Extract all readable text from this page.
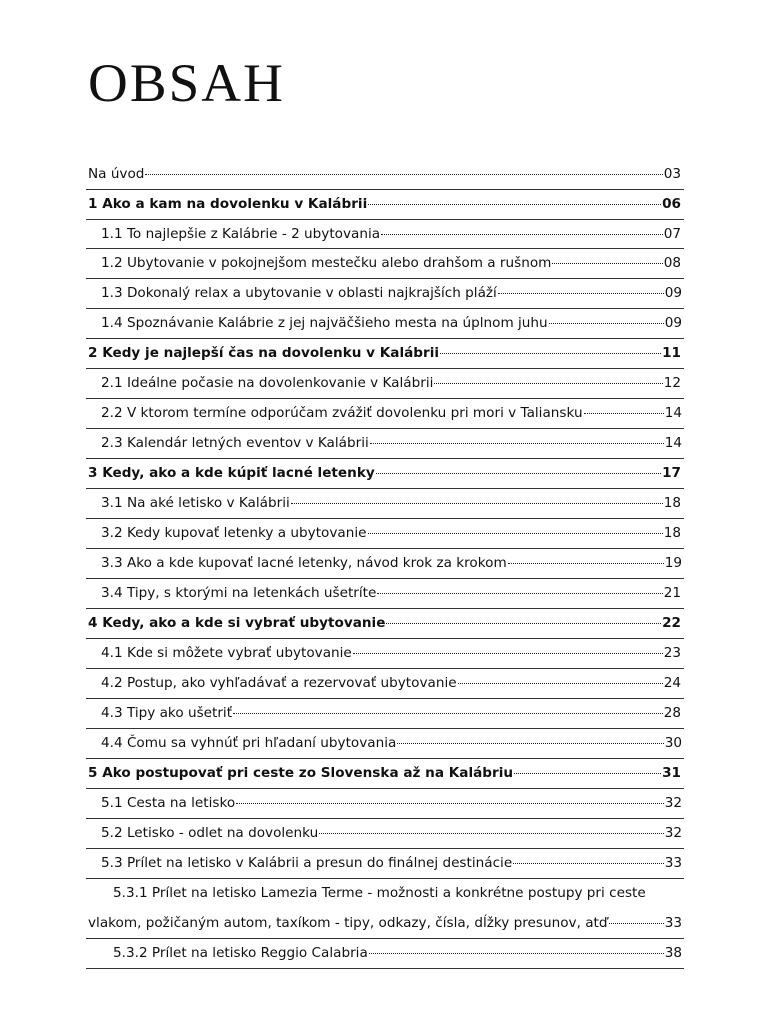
OBSAH
Na úvod	03
1 Ako a kam na dovolenku v Kalábrii	06
1.1 To najlepšie z Kalábrie - 2 ubytovania	07
1.2 Ubytovanie v pokojnejšom mestečku alebo drahšom a rušnom	08
1.3 Dokonalý relax a ubytovanie v oblasti najkrajších pláží	09
1.4 Spoznávanie Kalábrie z jej najväčšieho mesta na úplnom juhu	09
2 Kedy je najlepší čas na dovolenku v Kalábrii	11
2.1 Ideálne počasie na dovolenkovanie v Kalábrii	12
2.2 V ktorom termíne odporúčam zvážiť dovolenku pri mori v Taliansku	14
2.3 Kalendár letných eventov v Kalábrii	14
3 Kedy, ako a kde kúpiť lacné letenky	17
3.1 Na aké letisko v Kalábrii	18
3.2 Kedy kupovať letenky a ubytovanie	18
3.3 Ako a kde kupovať lacné letenky, návod krok za krokom	19
3.4 Tipy, s ktorými na letenkách ušetríte	21
4 Kedy, ako a kde si vybrať ubytovanie	22
4.1 Kde si môžete vybrať ubytovanie	23
4.2 Postup, ako vyhľadávať a rezervovať ubytovanie	24
4.3 Tipy ako ušetriť	28
4.4 Čomu sa vyhnúť pri hľadaní ubytovania	30
5 Ako postupovať pri ceste zo Slovenska až na Kalábriu	31
5.1 Cesta na letisko	32
5.2 Letisko - odlet na dovolenku	32
5.3 Prílet na letisko v Kalábrii a presun do finálnej destinácie	33
5.3.1 Prílet na letisko Lamezia Terme - možnosti a konkrétne postupy pri ceste
vlakom, požičaným autom, taxíkom - tipy, odkazy, čísla, dĺžky presunov, atď	33
5.3.2 Prílet na letisko Reggio Calabria	38
